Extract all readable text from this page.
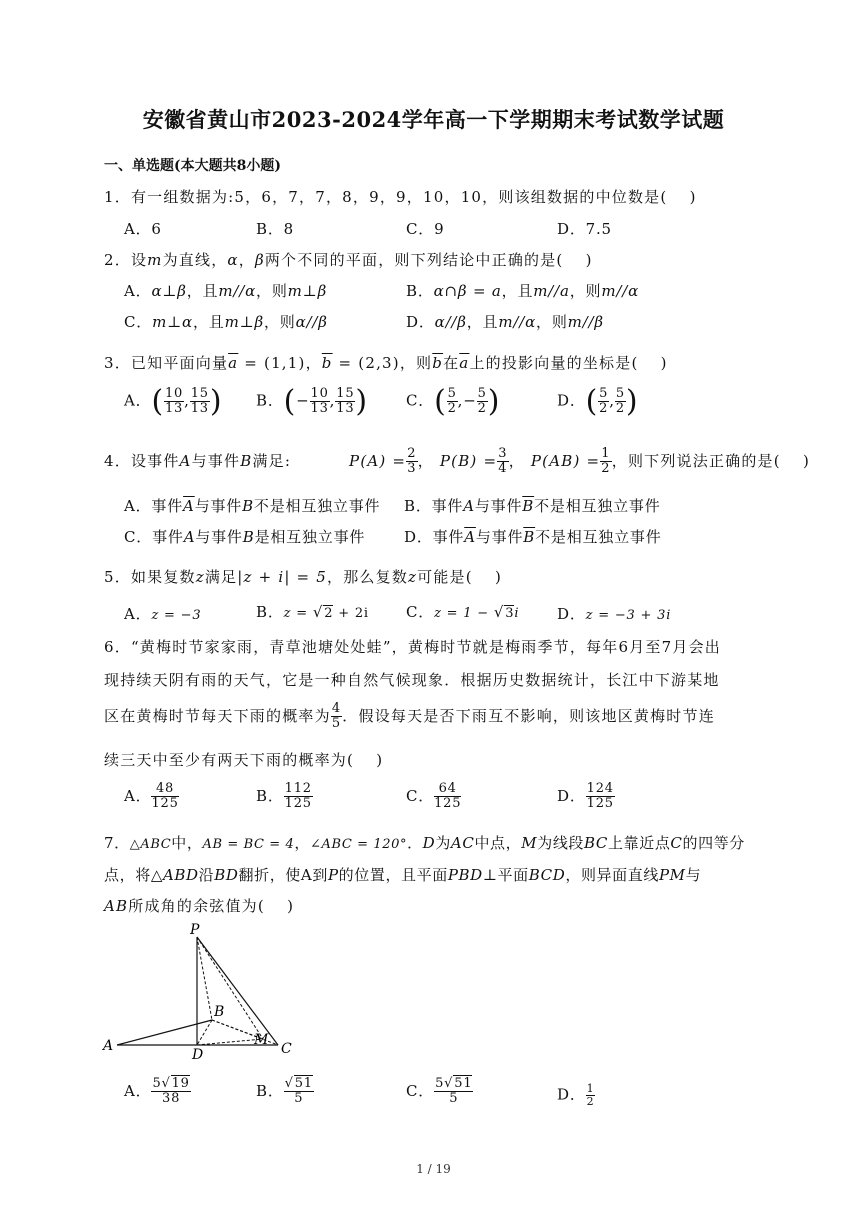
安徽省黄山市2023-2024学年高一下学期期末考试数学试题
一、单选题(本大题共8小题)
1．有一组数据为:5，6，7，7，8，9，9，10，10，则该组数据的中位数是(　 )
A．6	B．8	C．9	D．7.5
2．设m为直线，α，β两个不同的平面，则下列结论中正确的是(　 )
A．α⊥β，且m//α，则m⊥β	B．α∩β = a，且m//a，则m//α
C．m⊥α，且m⊥β，则α//β	D．α//β，且m//α，则m//β
3．已知平面向量$\overline{a} = (1,1)$，$\overline{b} = (2,3)$，则$\overline{b}$在$\overline{a}$上的投影向量的坐标是(　 )
A．( $\frac{10}{13}$ , $\frac{15}{13}$ ) B．(− $\frac{10}{13}$ , $\frac{15}{13}$ )	C．( $\frac{5}{2}$ ,− $\frac{5}{2}$ )	D．( $\frac{5}{2}$ , $\frac{5}{2}$ )
4．设事件A与事件B满足:	$P(A) = \frac{2}{3}$ ， $P(B) = \frac{3}{4}$ ， $P(AB) = \frac{1}{2}$ ，则下列说法正确的是(　 )
A．事件$\overline{A}$与事件B不是相互独立事件 B．事件A与事件$\overline{B}$不是相互独立事件
C．事件A与事件B是相互独立事件	D．事件$\overline{A}$与事件$\overline{B}$不是相互独立事件
5．如果复数z满足|z + i| = 5，那么复数z可能是(　 )
A．z = −3	B．z = √2 + 2i C．z = 1 − √3i	D．z = −3 + 3i
6．“黄梅时节家家雨，青草池塘处处蛙”，黄梅时节就是梅雨季节，每年6月至7月会出
现持续天阴有雨的天气，它是一种自然气候现象．根据历史数据统计，长江中下游某地
区在黄梅时节每天下雨的概率为 $\frac{4}{5}$ ．假设每天是否下雨互不影响，则该地区黄梅时节连
续三天中至少有两天下雨的概率为(　 )
A． $\frac{48}{125}$	B． $\frac{112}{125}$	C． $\frac{64}{125}$	D． $\frac{124}{125}$
7．△ABC中，AB = BC = 4，∠ABC = 120°．D为AC中点，M为线段BC上靠近点C的四等分
点，将△ABD沿BD翻折，使A到P的位置，且平面PBD⊥平面BCD，则异面直线PM与
AB所成角的余弦值为(　 )
P
B
A
D
M
C
A． $\frac{5√19}{38}$	B． $\frac{√51}{5}$	C． $\frac{5√51}{5}$	D． $\frac{1}{2}$
1 / 19
